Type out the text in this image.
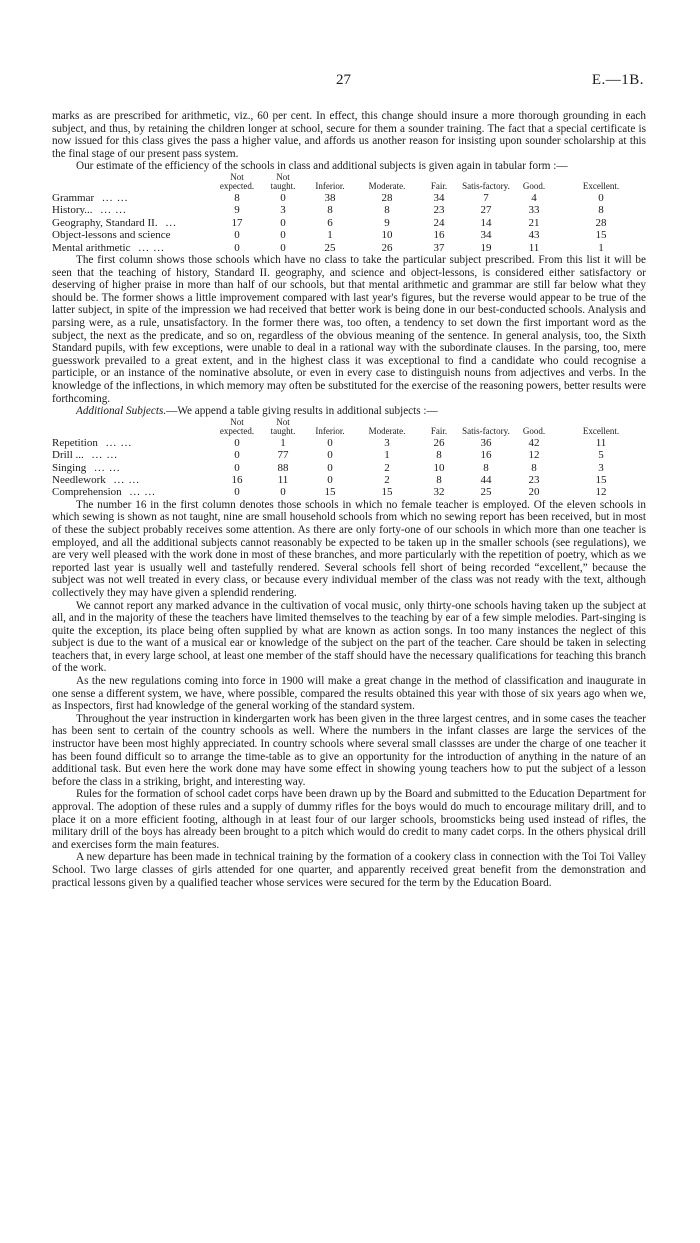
27	E.—1B.

marks as are prescribed for arithmetic, viz., 60 per cent. In effect, this change should insure a more thorough grounding in each subject, and thus, by retaining the children longer at school, secure for them a sounder training. The fact that a special certificate is now issued for this class gives the pass a higher value, and affords us another reason for insisting upon sounder scholarship at this the final stage of our present pass system.

Our estimate of the efficiency of the schools in class and additional subjects is given again in tabular form :—

	Not expected.	Not taught.	Inferior.	Moderate.	Fair.	Satis-factory.	Good.	Excellent.
Grammar ... ...	8	0	38	28	34	7	4	0
History... ... ...	9	3	8	8	23	27	33	8
Geography, Standard II. ...	17	0	6	9	24	14	21	28
Object-lessons and science	0	0	1	10	16	34	43	15
Mental arithmetic ... ...	0	0	25	26	37	19	11	1

The first column shows those schools which have no class to take the particular subject prescribed. From this list it will be seen that the teaching of history, Standard II. geography, and science and object-lessons, is considered either satisfactory or deserving of higher praise in more than half of our schools, but that mental arithmetic and grammar are still far below what they should be. The former shows a little improvement compared with last year's figures, but the reverse would appear to be true of the latter subject, in spite of the impression we had received that better work is being done in our best-conducted schools. Analysis and parsing were, as a rule, unsatisfactory. In the former there was, too often, a tendency to set down the first important word as the subject, the next as the predicate, and so on, regardless of the obvious meaning of the sentence. In general analysis, too, the Sixth Standard pupils, with few exceptions, were unable to deal in a rational way with the subordinate clauses. In the parsing, too, mere guesswork prevailed to a great extent, and in the highest class it was exceptional to find a candidate who could recognise a participle, or an instance of the nominative absolute, or even in every case to distinguish nouns from adjectives and verbs. In the knowledge of the inflections, in which memory may often be substituted for the exercise of the reasoning powers, better results were forthcoming.

Additional Subjects.—We append a table giving results in additional subjects :—

	Not expected.	Not taught.	Inferior.	Moderate.	Fair.	Satis-factory.	Good.	Excellent.
Repetition ... ...	0	1	0	3	26	36	42	11
Drill ... ... ...	0	77	0	1	8	16	12	5
Singing ... ...	0	88	0	2	10	8	8	3
Needlework ... ...	16	11	0	2	8	44	23	15
Comprehension ... ...	0	0	15	15	32	25	20	12

The number 16 in the first column denotes those schools in which no female teacher is employed. Of the eleven schools in which sewing is shown as not taught, nine are small household schools from which no sewing report has been received, but in most of these the subject probably receives some attention. As there are only forty-one of our schools in which more than one teacher is employed, and all the additional subjects cannot reasonably be expected to be taken up in the smaller schools (see regulations), we are very well pleased with the work done in most of these branches, and more particularly with the repetition of poetry, which as we reported last year is usually well and tastefully rendered. Several schools fell short of being recorded “excellent,” because the subject was not well treated in every class, or because every individual member of the class was not ready with the text, although collectively they may have given a splendid rendering.

We cannot report any marked advance in the cultivation of vocal music, only thirty-one schools having taken up the subject at all, and in the majority of these the teachers have limited themselves to the teaching by ear of a few simple melodies. Part-singing is quite the exception, its place being often supplied by what are known as action songs. In too many instances the neglect of this subject is due to the want of a musical ear or knowledge of the subject on the part of the teacher. Care should be taken in selecting teachers that, in every large school, at least one member of the staff should have the necessary qualifications for teaching this branch of the work.

As the new regulations coming into force in 1900 will make a great change in the method of classification and inaugurate in one sense a different system, we have, where possible, compared the results obtained this year with those of six years ago when we, as Inspectors, first had knowledge of the general working of the standard system.

Throughout the year instruction in kindergarten work has been given in the three largest centres, and in some cases the teacher has been sent to certain of the country schools as well. Where the numbers in the infant classes are large the services of the instructor have been most highly appreciated. In country schools where several small classses are under the charge of one teacher it has been found difficult so to arrange the time-table as to give an opportunity for the introduction of anything in the nature of an additional task. But even here the work done may have some effect in showing young teachers how to put the subject of a lesson before the class in a striking, bright, and interesting way.

Rules for the formation of school cadet corps have been drawn up by the Board and submitted to the Education Department for approval. The adoption of these rules and a supply of dummy rifles for the boys would do much to encourage military drill, and to place it on a more efficient footing, although in at least four of our larger schools, broomsticks being used instead of rifles, the military drill of the boys has already been brought to a pitch which would do credit to many cadet corps. In the others physical drill and exercises form the main features.

A new departure has been made in technical training by the formation of a cookery class in connection with the Toi Toi Valley School. Two large classes of girls attended for one quarter, and apparently received great benefit from the demonstration and practical lessons given by a qualified teacher whose services were secured for the term by the Education Board.
